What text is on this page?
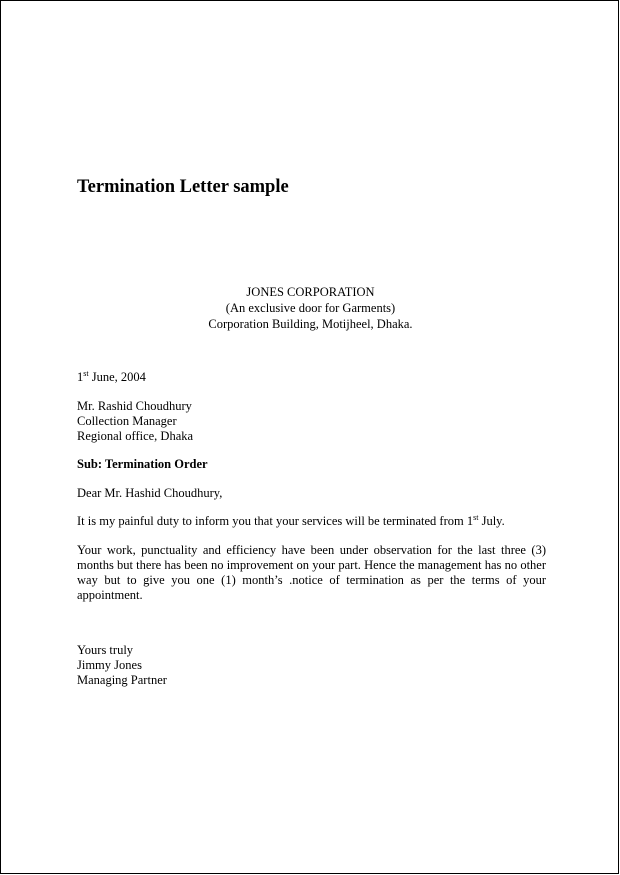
Termination Letter sample
JONES CORPORATION
(An exclusive door for Garments)
Corporation Building, Motijheel, Dhaka.
1st June, 2004
Mr. Rashid Choudhury
Collection Manager
Regional office, Dhaka
Sub: Termination Order
Dear Mr. Hashid Choudhury,
It is my painful duty to inform you that your services will be terminated from 1st July.
Your work, punctuality and efficiency have been under observation for the last three (3) months but there has been no improvement on your part. Hence the management has no other way but to give you one (1) month’s .notice of termination as per the terms of your appointment.
Yours truly
Jimmy Jones
Managing Partner
